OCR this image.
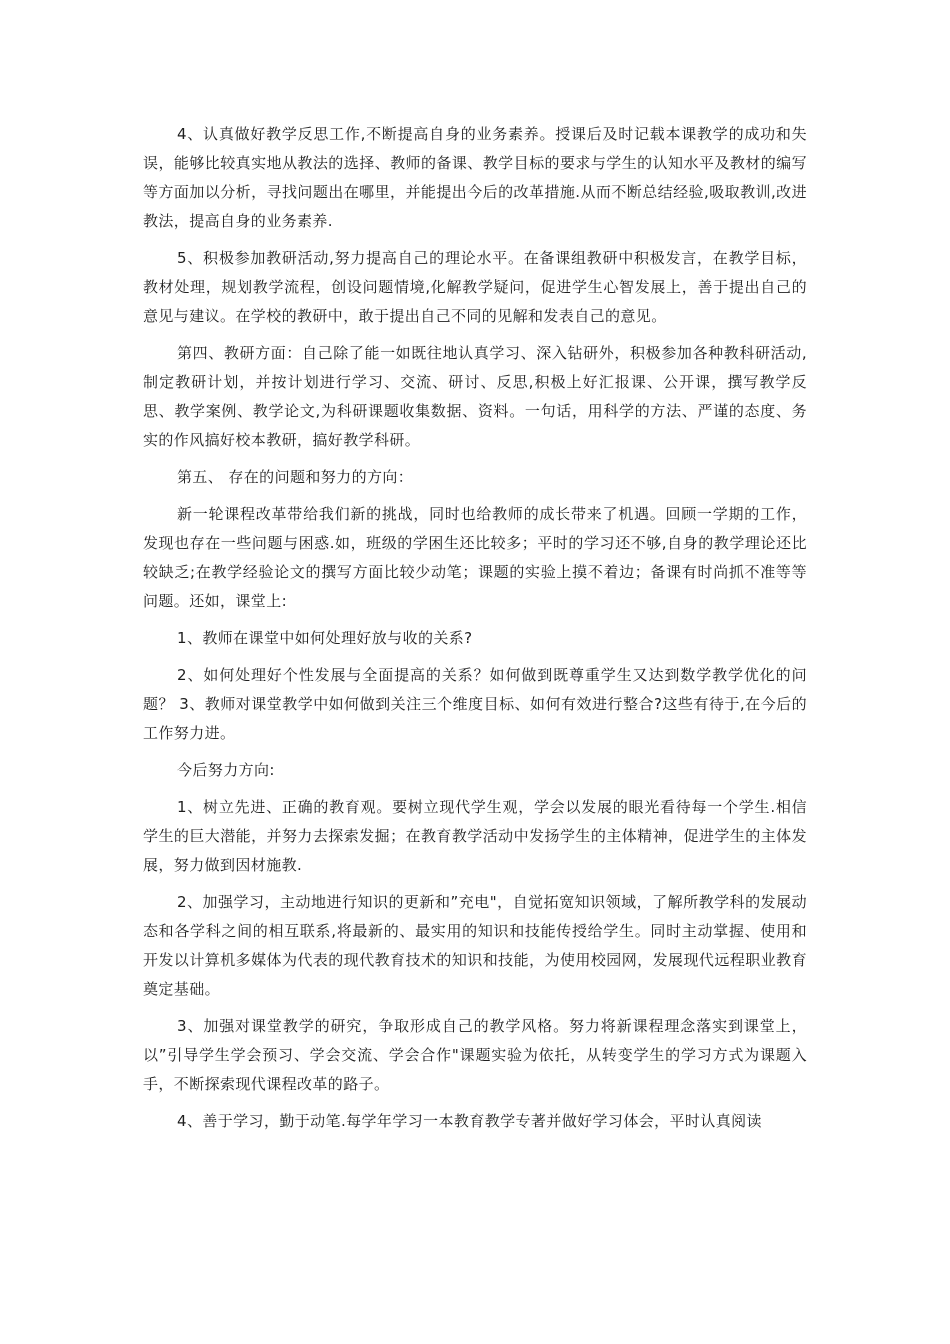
4、认真做好教学反思工作,不断提高自身的业务素养。授课后及时记载本课教学的成功和失误，能够比较真实地从教法的选择、教师的备课、教学目标的要求与学生的认知水平及教材的编写等方面加以分析，寻找问题出在哪里，并能提出今后的改革措施.从而不断总结经验,吸取教训,改进教法，提高自身的业务素养.

5、积极参加教研活动,努力提高自己的理论水平。在备课组教研中积极发言，在教学目标，教材处理，规划教学流程，创设问题情境,化解教学疑问，促进学生心智发展上，善于提出自己的意见与建议。在学校的教研中，敢于提出自己不同的见解和发表自己的意见。

第四、教研方面：自己除了能一如既往地认真学习、深入钻研外，积极参加各种教科研活动,制定教研计划，并按计划进行学习、交流、研讨、反思,积极上好汇报课、公开课，撰写教学反思、教学案例、教学论文,为科研课题收集数据、资料。一句话，用科学的方法、严谨的态度、务实的作风搞好校本教研，搞好教学科研。

第五、 存在的问题和努力的方向：

新一轮课程改革带给我们新的挑战，同时也给教师的成长带来了机遇。回顾一学期的工作，发现也存在一些问题与困惑.如，班级的学困生还比较多；平时的学习还不够,自身的教学理论还比较缺乏;在教学经验论文的撰写方面比较少动笔；课题的实验上摸不着边；备课有时尚抓不准等等问题。还如，课堂上:

1、教师在课堂中如何处理好放与收的关系?

2、如何处理好个性发展与全面提高的关系？如何做到既尊重学生又达到数学教学优化的问题？ 3、教师对课堂教学中如何做到关注三个维度目标、如何有效进行整合?这些有待于,在今后的工作努力进。

今后努力方向:

1、树立先进、正确的教育观。要树立现代学生观，学会以发展的眼光看待每一个学生.相信学生的巨大潜能，并努力去探索发掘；在教育教学活动中发扬学生的主体精神，促进学生的主体发展，努力做到因材施教.

2、加强学习，主动地进行知识的更新和”充电"，自觉拓宽知识领域，了解所教学科的发展动态和各学科之间的相互联系,将最新的、最实用的知识和技能传授给学生。同时主动掌握、使用和开发以计算机多媒体为代表的现代教育技术的知识和技能，为使用校园网，发展现代远程职业教育奠定基础。

3、加强对课堂教学的研究，争取形成自己的教学风格。努力将新课程理念落实到课堂上，以”引导学生学会预习、学会交流、学会合作"课题实验为依托，从转变学生的学习方式为课题入手，不断探索现代课程改革的路子。

4、善于学习，勤于动笔.每学年学习一本教育教学专著并做好学习体会，平时认真阅读
